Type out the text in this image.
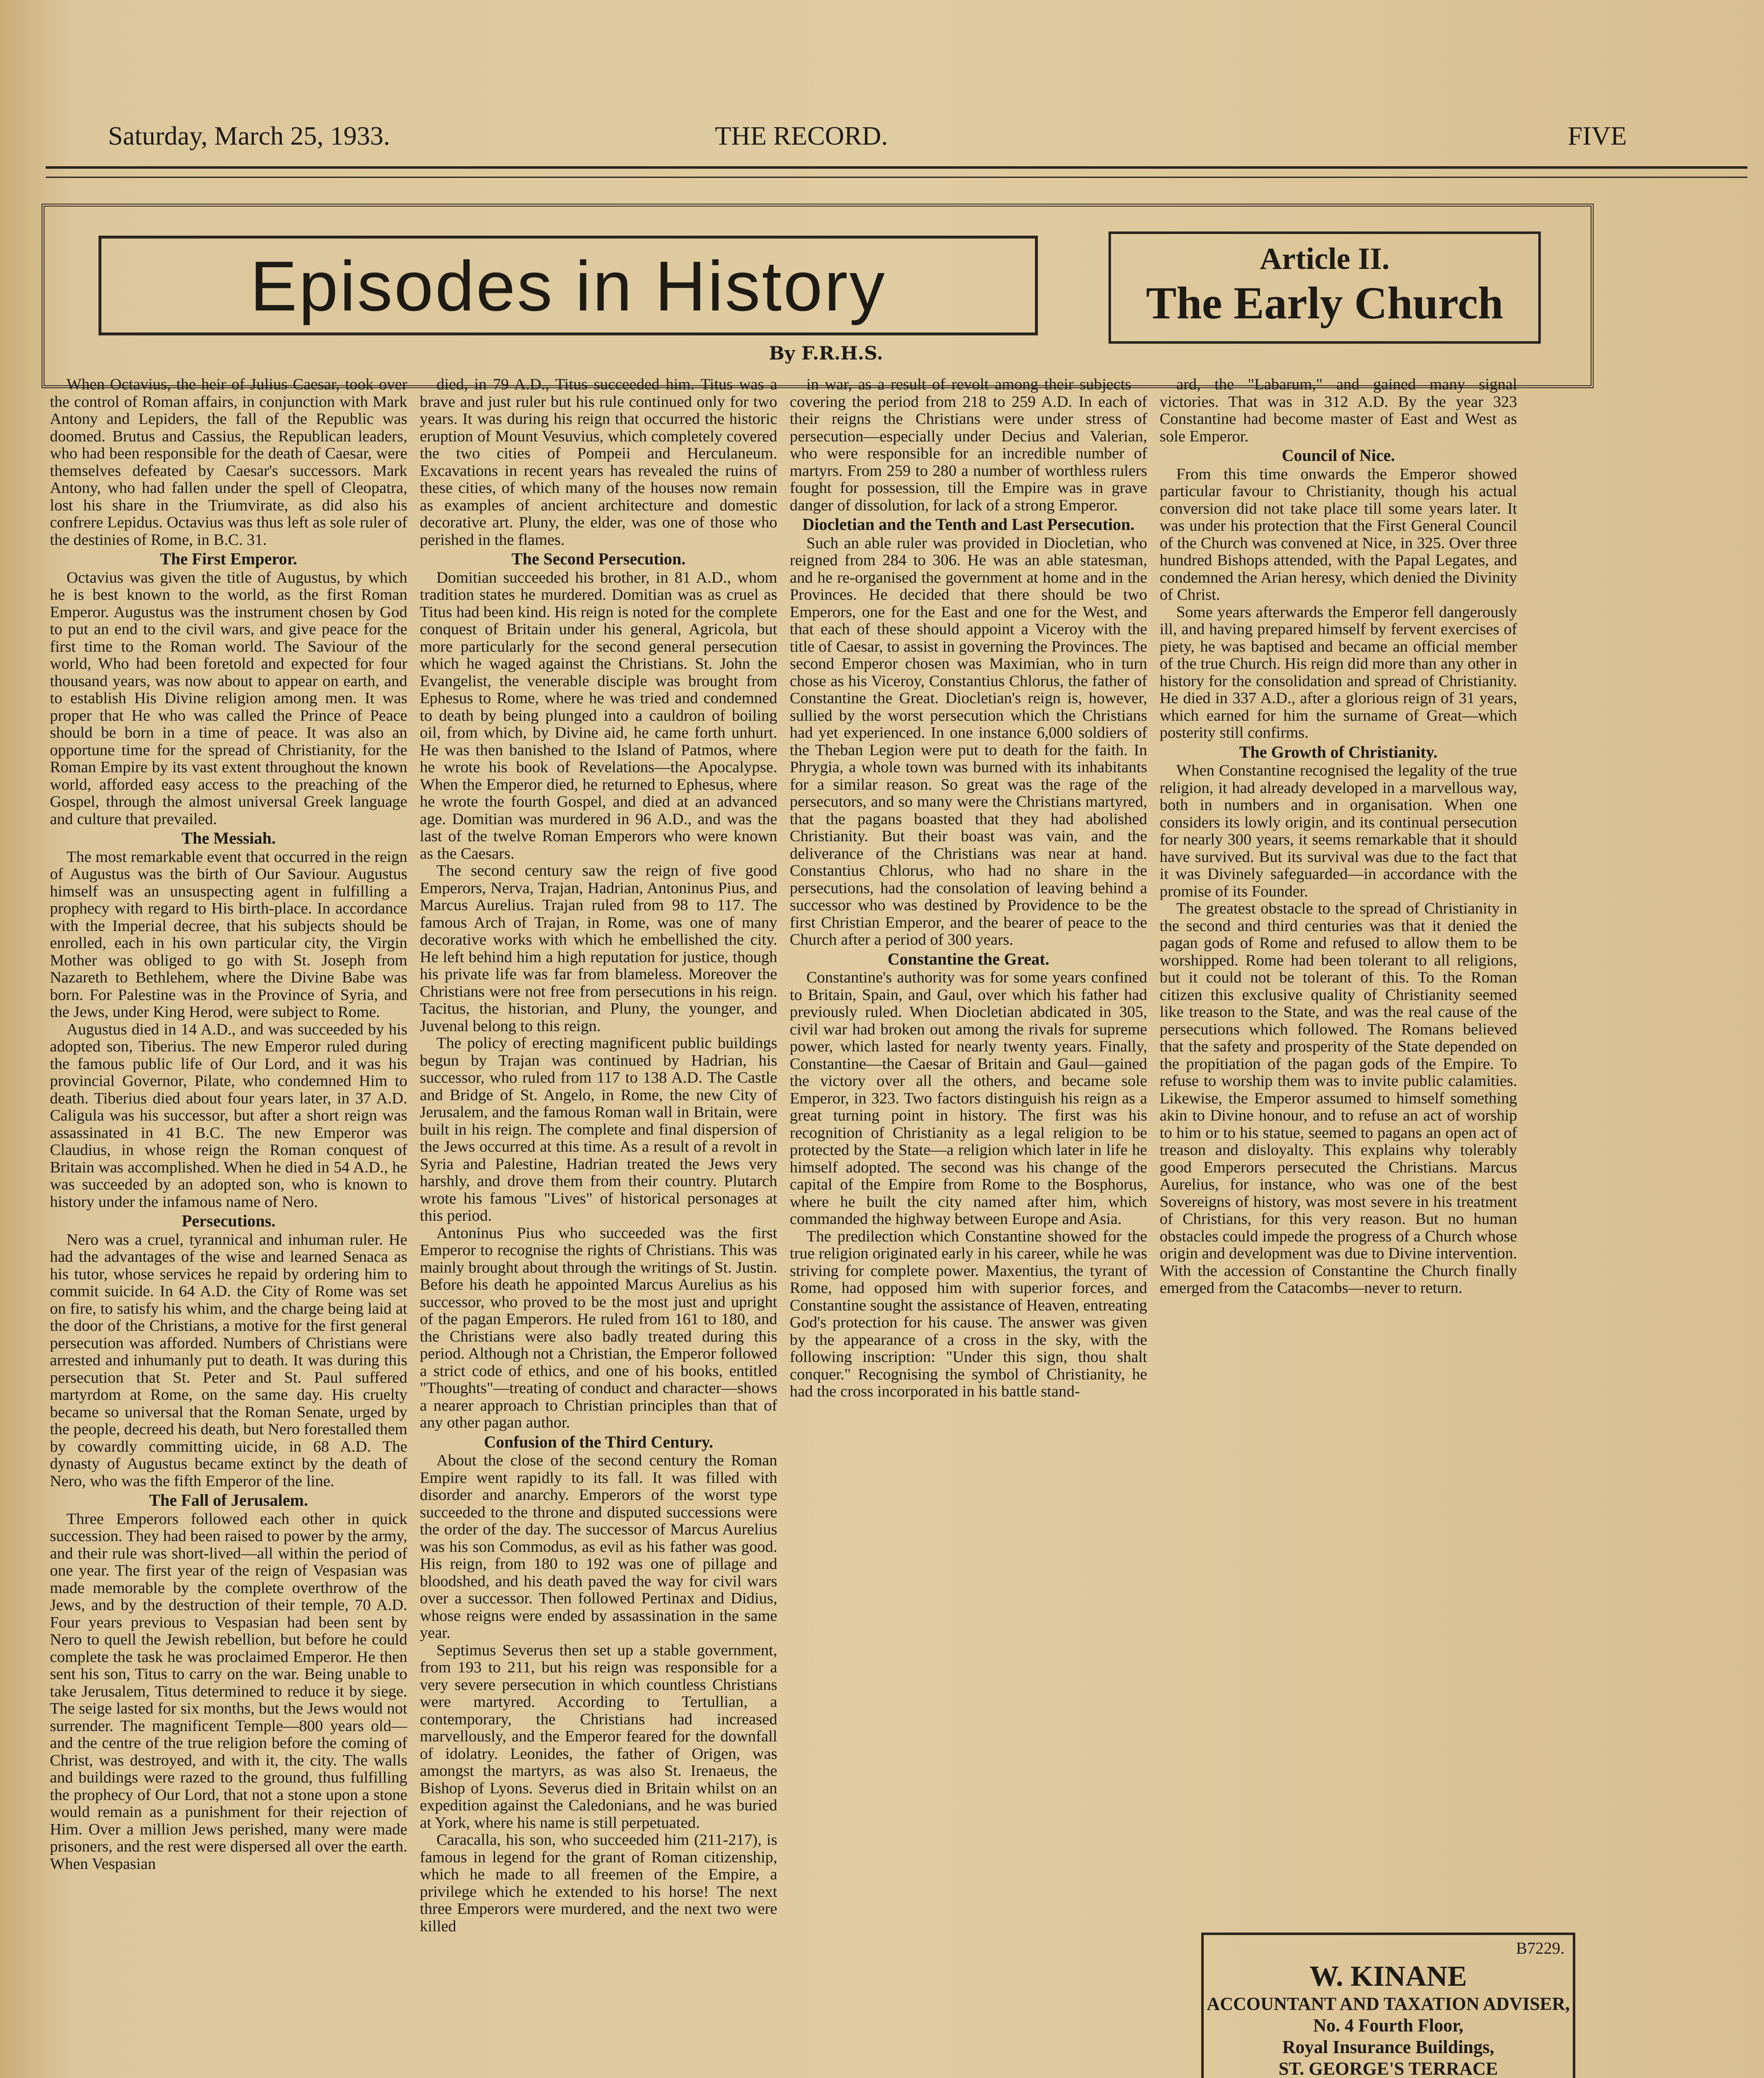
Saturday, March 25, 1933.	THE RECORD.	FIVE
Episodes in History	Article II.
The Early Church
By F.R.H.S.

When Octavius, the heir of Julius Caesar, took over the control of Roman affairs, in conjunction with Mark Antony and Lepiders, the fall of the Republic was doomed. Brutus and Cassius, the Republican leaders, who had been responsible for the death of Caesar, were themselves defeated by Caesar's successors. Mark Antony, who had fallen under the spell of Cleopatra, lost his share in the Triumvirate, as did also his confrere Lepidus. Octavius was thus left as sole ruler of the destinies of Rome, in B.C. 31.

The First Emperor.

Octavius was given the title of Augustus, by which he is best known to the world, as the first Roman Emperor. Augustus was the instrument chosen by God to put an end to the civil wars, and give peace for the first time to the Roman world. The Saviour of the world, Who had been foretold and expected for four thousand years, was now about to appear on earth, and to establish His Divine religion among men. It was proper that He who was called the Prince of Peace should be born in a time of peace. It was also an opportune time for the spread of Christianity, for the Roman Empire by its vast extent throughout the known world, afforded easy access to the preaching of the Gospel, through the almost universal Greek language and culture that prevailed.

The Messiah.

The most remarkable event that occurred in the reign of Augustus was the birth of Our Saviour. Augustus himself was an unsuspecting agent in fulfilling a prophecy with regard to His birth-place. In accordance with the Imperial decree, that his subjects should be enrolled, each in his own particular city, the Virgin Mother was obliged to go with St. Joseph from Nazareth to Bethlehem, where the Divine Babe was born. For Palestine was in the Province of Syria, and the Jews, under King Herod, were subject to Rome.

Augustus died in 14 A.D., and was succeeded by his adopted son, Tiberius. The new Emperor ruled during the famous public life of Our Lord, and it was his provincial Governor, Pilate, who condemned Him to death. Tiberius died about four years later, in 37 A.D. Caligula was his successor, but after a short reign was assassinated in 41 B.C. The new Emperor was Claudius, in whose reign the Roman conquest of Britain was accomplished. When he died in 54 A.D., he was succeeded by an adopted son, who is known to history under the infamous name of Nero.

Persecutions.

Nero was a cruel, tyrannical and inhuman ruler. He had the advantages of the wise and learned Senaca as his tutor, whose services he repaid by ordering him to commit suicide. In 64 A.D. the City of Rome was set on fire, to satisfy his whim, and the charge being laid at the door of the Christians, a motive for the first general persecution was afforded. Numbers of Christians were arrested and inhumanly put to death. It was during this persecution that St. Peter and St. Paul suffered martyrdom at Rome, on the same day. His cruelty became so universal that the Roman Senate, urged by the people, decreed his death, but Nero forestalled them by cowardly committing uicide, in 68 A.D. The dynasty of Augustus became extinct by the death of Nero, who was the fifth Emperor of the line.

The Fall of Jerusalem.

Three Emperors followed each other in quick succession. They had been raised to power by the army, and their rule was short-lived—all within the period of one year. The first year of the reign of Vespasian was made memorable by the complete overthrow of the Jews, and by the destruction of their temple, 70 A.D. Four years previous to Vespasian had been sent by Nero to quell the Jewish rebellion, but before he could complete the task he was proclaimed Emperor. He then sent his son, Titus to carry on the war. Being unable to take Jerusalem, Titus determined to reduce it by siege. The seige lasted for six months, but the Jews would not surrender. The magnificent Temple—800 years old—and the centre of the true religion before the coming of Christ, was destroyed, and with it, the city. The walls and buildings were razed to the ground, thus fulfilling the prophecy of Our Lord, that not a stone upon a stone would remain as a punishment for their rejection of Him. Over a million Jews perished, many were made prisoners, and the rest were dispersed all over the earth. When Vespasian

died, in 79 A.D., Titus succeeded him. Titus was a brave and just ruler but his rule continued only for two years. It was during his reign that occurred the historic eruption of Mount Vesuvius, which completely covered the two cities of Pompeii and Herculaneum. Excavations in recent years has revealed the ruins of these cities, of which many of the houses now remain as examples of ancient architecture and domestic decorative art. Pluny, the elder, was one of those who perished in the flames.

The Second Persecution.

Domitian succeeded his brother, in 81 A.D., whom tradition states he murdered. Domitian was as cruel as Titus had been kind. His reign is noted for the complete conquest of Britain under his general, Agricola, but more particularly for the second general persecution which he waged against the Christians. St. John the Evangelist, the venerable disciple was brought from Ephesus to Rome, where he was tried and condemned to death by being plunged into a cauldron of boiling oil, from which, by Divine aid, he came forth unhurt. He was then banished to the Island of Patmos, where he wrote his book of Revelations—the Apocalypse. When the Emperor died, he returned to Ephesus, where he wrote the fourth Gospel, and died at an advanced age. Domitian was murdered in 96 A.D., and was the last of the twelve Roman Emperors who were known as the Caesars.

The second century saw the reign of five good Emperors, Nerva, Trajan, Hadrian, Antoninus Pius, and Marcus Aurelius. Trajan ruled from 98 to 117. The famous Arch of Trajan, in Rome, was one of many decorative works with which he embellished the city. He left behind him a high reputation for justice, though his private life was far from blameless. Moreover the Christians were not free from persecutions in his reign. Tacitus, the historian, and Pluny, the younger, and Juvenal belong to this reign.

The policy of erecting magnificent public buildings begun by Trajan was continued by Hadrian, his successor, who ruled from 117 to 138 A.D. The Castle and Bridge of St. Angelo, in Rome, the new City of Jerusalem, and the famous Roman wall in Britain, were built in his reign. The complete and final dispersion of the Jews occurred at this time. As a result of a revolt in Syria and Palestine, Hadrian treated the Jews very harshly, and drove them from their country. Plutarch wrote his famous "Lives" of historical personages at this period.

Antoninus Pius who succeeded was the first Emperor to recognise the rights of Christians. This was mainly brought about through the writings of St. Justin. Before his death he appointed Marcus Aurelius as his successor, who proved to be the most just and upright of the pagan Emperors. He ruled from 161 to 180, and the Christians were also badly treated during this period. Although not a Christian, the Emperor followed a strict code of ethics, and one of his books, entitled "Thoughts"—treating of conduct and character—shows a nearer approach to Christian principles than that of any other pagan author.

Confusion of the Third Century.

About the close of the second century the Roman Empire went rapidly to its fall. It was filled with disorder and anarchy. Emperors of the worst type succeeded to the throne and disputed successions were the order of the day. The successor of Marcus Aurelius was his son Commodus, as evil as his father was good. His reign, from 180 to 192 was one of pillage and bloodshed, and his death paved the way for civil wars over a successor. Then followed Pertinax and Didius, whose reigns were ended by assassination in the same year.

Septimus Severus then set up a stable government, from 193 to 211, but his reign was responsible for a very severe persecution in which countless Christians were martyred. According to Tertullian, a contemporary, the Christians had increased marvellously, and the Emperor feared for the downfall of idolatry. Leonides, the father of Origen, was amongst the martyrs, as was also St. Irenaeus, the Bishop of Lyons. Severus died in Britain whilst on an expedition against the Caledonians, and he was buried at York, where his name is still perpetuated.

Caracalla, his son, who succeeded him (211-217), is famous in legend for the grant of Roman citizenship, which he made to all freemen of the Empire, a privilege which he extended to his horse! The next three Emperors were murdered, and the next two were killed

in war, as a result of revolt among their subjects—covering the period from 218 to 259 A.D. In each of their reigns the Christians were under stress of persecution—especially under Decius and Valerian, who were responsible for an incredible number of martyrs. From 259 to 280 a number of worthless rulers fought for possession, till the Empire was in grave danger of dissolution, for lack of a strong Emperor.

Diocletian and the Tenth and Last Persecution.

Such an able ruler was provided in Diocletian, who reigned from 284 to 306. He was an able statesman, and he re-organised the government at home and in the Provinces. He decided that there should be two Emperors, one for the East and one for the West, and that each of these should appoint a Viceroy with the title of Caesar, to assist in governing the Provinces. The second Emperor chosen was Maximian, who in turn chose as his Viceroy, Constantius Chlorus, the father of Constantine the Great. Diocletian's reign is, however, sullied by the worst persecution which the Christians had yet experienced. In one instance 6,000 soldiers of the Theban Legion were put to death for the faith. In Phrygia, a whole town was burned with its inhabitants for a similar reason. So great was the rage of the persecutors, and so many were the Christians martyred, that the pagans boasted that they had abolished Christianity. But their boast was vain, and the deliverance of the Christians was near at hand. Constantius Chlorus, who had no share in the persecutions, had the consolation of leaving behind a successor who was destined by Providence to be the first Christian Emperor, and the bearer of peace to the Church after a period of 300 years.

Constantine the Great.

Constantine's authority was for some years confined to Britain, Spain, and Gaul, over which his father had previously ruled. When Diocletian abdicated in 305, civil war had broken out among the rivals for supreme power, which lasted for nearly twenty years. Finally, Constantine—the Caesar of Britain and Gaul—gained the victory over all the others, and became sole Emperor, in 323. Two factors distinguish his reign as a great turning point in history. The first was his recognition of Christianity as a legal religion to be protected by the State—a religion which later in life he himself adopted. The second was his change of the capital of the Empire from Rome to the Bosphorus, where he built the city named after him, which commanded the highway between Europe and Asia.

The predilection which Constantine showed for the true religion originated early in his career, while he was striving for complete power. Maxentius, the tyrant of Rome, had opposed him with superior forces, and Constantine sought the assistance of Heaven, entreating God's protection for his cause. The answer was given by the appearance of a cross in the sky, with the following inscription: "Under this sign, thou shalt conquer." Recognising the symbol of Christianity, he had the cross incorporated in his battle stand-

ard, the "Labarum," and gained many signal victories. That was in 312 A.D. By the year 323 Constantine had become master of East and West as sole Emperor.

Council of Nice.

From this time onwards the Emperor showed particular favour to Christianity, though his actual conversion did not take place till some years later. It was under his protection that the First General Council of the Church was convened at Nice, in 325. Over three hundred Bishops attended, with the Papal Legates, and condemned the Arian heresy, which denied the Divinity of Christ.

Some years afterwards the Emperor fell dangerously ill, and having prepared himself by fervent exercises of piety, he was baptised and became an official member of the true Church. His reign did more than any other in history for the consolidation and spread of Christianity. He died in 337 A.D., after a glorious reign of 31 years, which earned for him the surname of Great—which posterity still confirms.

The Growth of Christianity.

When Constantine recognised the legality of the true religion, it had already developed in a marvellous way, both in numbers and in organisation. When one considers its lowly origin, and its continual persecution for nearly 300 years, it seems remarkable that it should have survived. But its survival was due to the fact that it was Divinely safeguarded—in accordance with the promise of its Founder.

The greatest obstacle to the spread of Christianity in the second and third centuries was that it denied the pagan gods of Rome and refused to allow them to be worshipped. Rome had been tolerant to all religions, but it could not be tolerant of this. To the Roman citizen this exclusive quality of Christianity seemed like treason to the State, and was the real cause of the persecutions which followed. The Romans believed that the safety and prosperity of the State depended on the propitiation of the pagan gods of the Empire. To refuse to worship them was to invite public calamities. Likewise, the Emperor assumed to himself something akin to Divine honour, and to refuse an act of worship to him or to his statue, seemed to pagans an open act of treason and disloyalty. This explains why tolerably good Emperors persecuted the Christians. Marcus Aurelius, for instance, who was one of the best Sovereigns of history, was most severe in his treatment of Christians, for this very reason. But no human obstacles could impede the progress of a Church whose origin and development was due to Divine intervention. With the accession of Constantine the Church finally emerged from the Catacombs—never to return.

B7229.
W. KINANE
ACCOUNTANT AND TAXATION ADVISER,
No. 4 Fourth Floor,
Royal Insurance Buildings,
ST. GEORGE'S TERRACE
